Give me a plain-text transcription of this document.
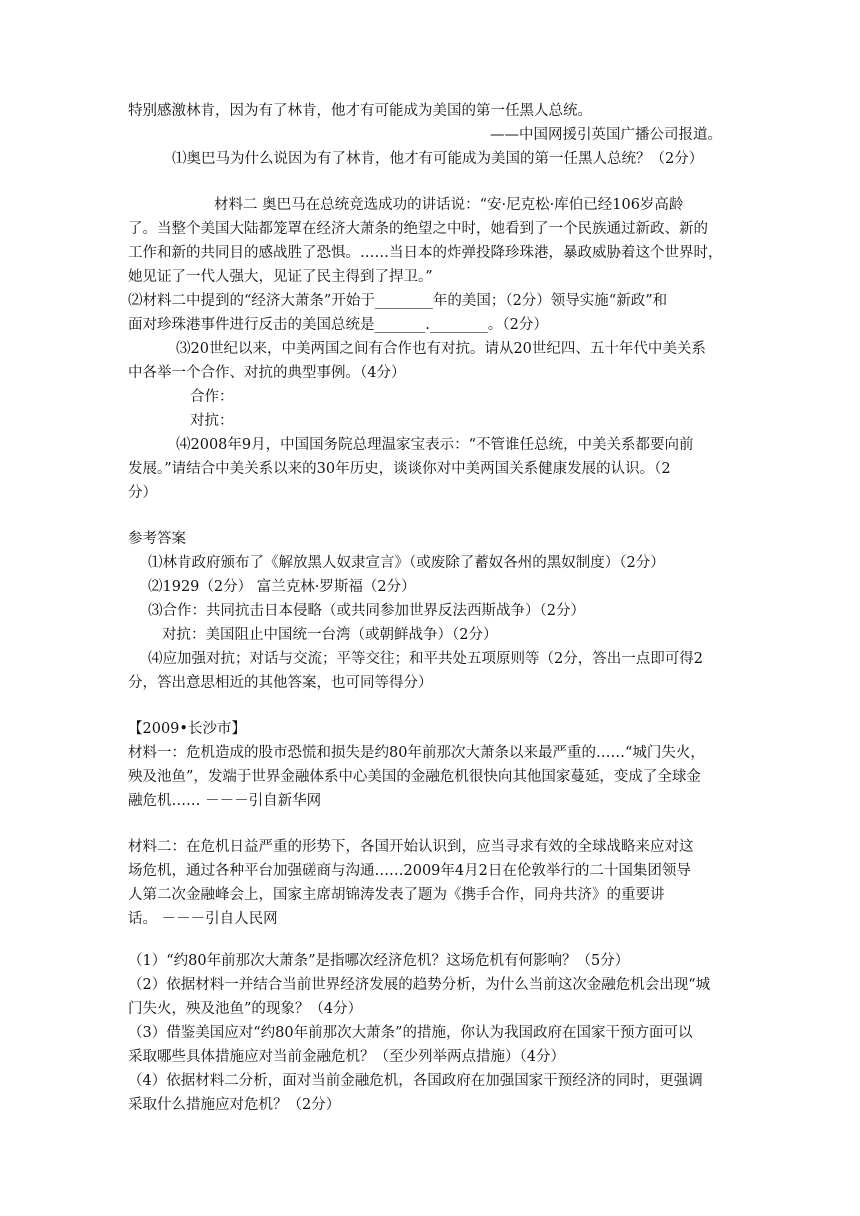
特别感激林肯，因为有了林肯，他才有可能成为美国的第一任黑人总统。
——中国网援引英国广播公司报道。
⑴奥巴马为什么说因为有了林肯，他才有可能成为美国的第一任黑人总统？（2分）
材料二 奥巴马在总统竞选成功的讲话说：“安·尼克松·库伯已经106岁高龄
了。当整个美国大陆都笼罩在经济大萧条的绝望之中时，她看到了一个民族通过新政、新的
工作和新的共同目的感战胜了恐惧。……当日本的炸弹投降珍珠港，暴政威胁着这个世界时，
她见证了一代人强大，见证了民主得到了捍卫。”
⑵材料二中提到的“经济大萧条”开始于________年的美国；（2分）领导实施“新政”和
面对珍珠港事件进行反击的美国总统是_______.________。（2分）
⑶20世纪以来，中美两国之间有合作也有对抗。请从20世纪四、五十年代中美关系
中各举一个合作、对抗的典型事例。（4分）
合作：
对抗：
⑷2008年9月，中国国务院总理温家宝表示：“不管谁任总统，中美关系都要向前
发展。”请结合中美关系以来的30年历史，谈谈你对中美两国关系健康发展的认识。（2
分）
参考答案
⑴林肯政府颁布了《解放黑人奴隶宣言》（或废除了蓄奴各州的黑奴制度）（2分）
⑵1929（2分） 富兰克林·罗斯福（2分）
⑶合作：共同抗击日本侵略（或共同参加世界反法西斯战争）（2分）
对抗：美国阻止中国统一台湾（或朝鲜战争）（2分）
⑷应加强对抗；对话与交流；平等交往；和平共处五项原则等（2分，答出一点即可得2
分，答出意思相近的其他答案，也可同等得分）
【2009•长沙市】
材料一：危机造成的股市恐慌和损失是约80年前那次大萧条以来最严重的……“城门失火，
殃及池鱼”，发端于世界金融体系中心美国的金融危机很快向其他国家蔓延，变成了全球金
融危机…… －－－引自新华网
材料二：在危机日益严重的形势下，各国开始认识到，应当寻求有效的全球战略来应对这
场危机，通过各种平台加强磋商与沟通……2009年4月2日在伦敦举行的二十国集团领导
人第二次金融峰会上，国家主席胡锦涛发表了题为《携手合作，同舟共济》的重要讲
话。 －－－引自人民网
（1）“约80年前那次大萧条”是指哪次经济危机？这场危机有何影响？（5分）
（2）依据材料一并结合当前世界经济发展的趋势分析，为什么当前这次金融危机会出现“城
门失火，殃及池鱼”的现象？（4分）
（3）借鉴美国应对“约80年前那次大萧条”的措施，你认为我国政府在国家干预方面可以
采取哪些具体措施应对当前金融危机？（至少列举两点措施）（4分）
（4）依据材料二分析，面对当前金融危机，各国政府在加强国家干预经济的同时，更强调
采取什么措施应对危机？（2分）
